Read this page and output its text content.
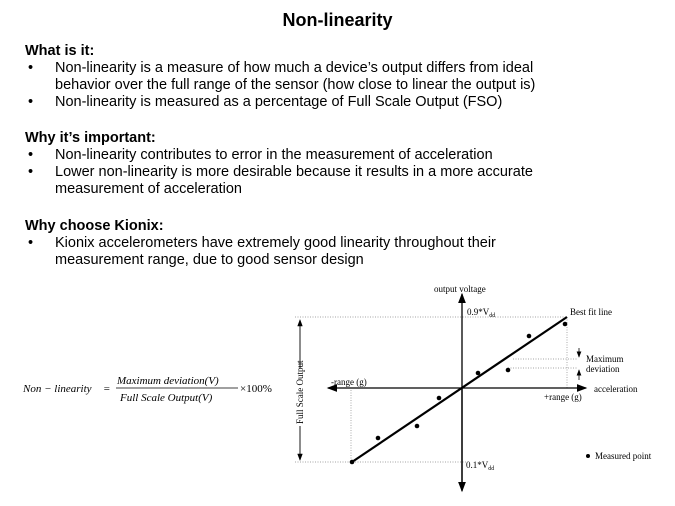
Non-linearity
What is it:
• Non-linearity is a measure of how much a device’s output differs from ideal
behavior over the full range of the sensor (how close to linear the output is)
• Non-linearity is measured as a percentage of Full Scale Output (FSO)
Why it’s important:
• Non-linearity contributes to error in the measurement of acceleration
• Lower non-linearity is more desirable because it results in a more accurate
measurement of acceleration
Why choose Kionix:
• Kionix accelerometers have extremely good linearity throughout their
measurement range, due to good sensor design
Non − linearity =
Maximum deviation(V)
Full Scale Output(V)
×100%	Full Scale Output
output voltage
acceleration
$0.9*V_{dd}$
$0.1*V_{dd}$
-range (g)
+range (g)
Best fit line
Maximum
deviation
Measured point
